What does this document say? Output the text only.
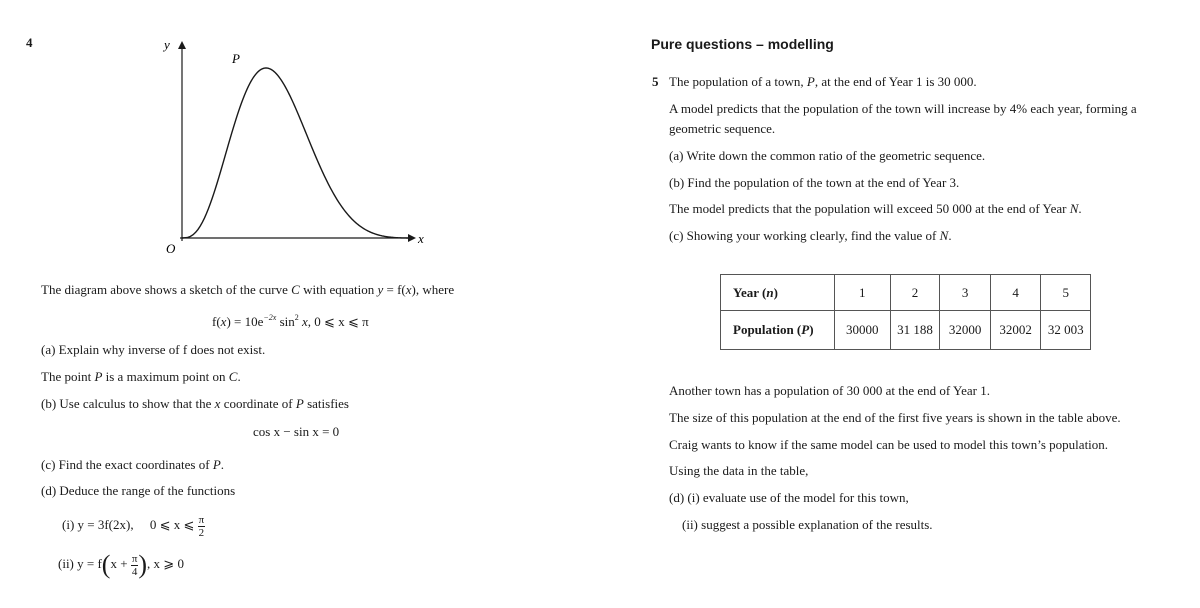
4	y
x
O
P
The diagram above shows a sketch of the curve C with equation y = f(x), where
$f(x) = 10e^{-2x}$ $\sin^2 x$, 0 ⩽ x ⩽ π
(a) Explain why inverse of f does not exist.
The point P is a maximum point on C.
(b) Use calculus to show that the x coordinate of P satisfies
cos x − sin x = 0
(c) Find the exact coordinates of P.
(d) Deduce the range of the functions
(i) y = 3f(2x), 0 ⩽ x ⩽ $\frac{\pi}{2}$
(ii) $y = f(x + \frac{\pi}{4}$ ), x ⩾ 0
Pure questions – modelling
5 The population of a town, P, at the end of Year 1 is 30 000.
A model predicts that the population of the town will increase by 4% each year, forming a
geometric sequence.
(a) Write down the common ratio of the geometric sequence.
(b) Find the population of the town at the end of Year 3.
The model predicts that the population will exceed 50 000 at the end of Year N.
(c) Showing your working clearly, find the value of N.
Year (n)	1	2	3	4	5
Population (P)	30000	31 188	32000	32002	32 003
Another town has a population of 30 000 at the end of Year 1.
The size of this population at the end of the first five years is shown in the table above.
Craig wants to know if the same model can be used to model this town’s population.
Using the data in the table,
(d) (i) evaluate use of the model for this town,
(ii) suggest a possible explanation of the results.
